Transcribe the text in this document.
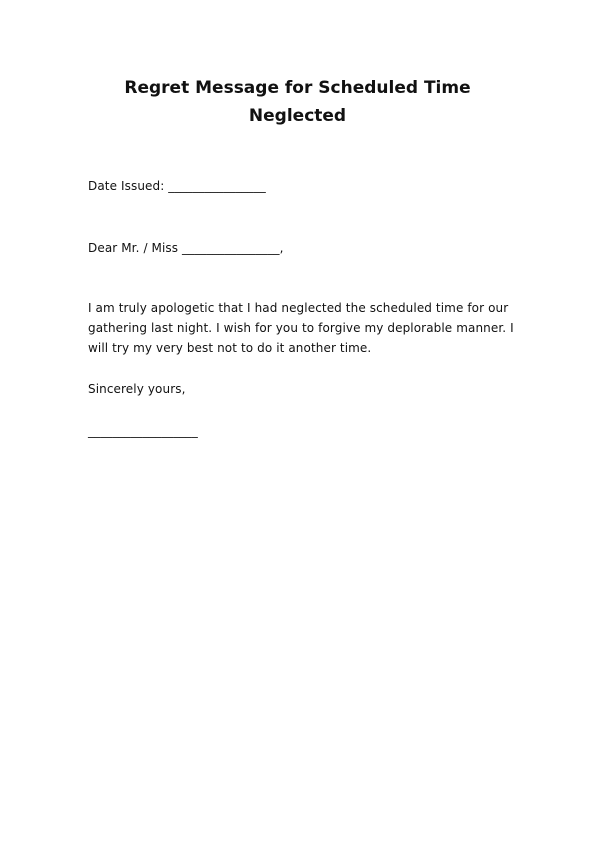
Regret Message for Scheduled Time
Neglected
Date Issued: ________________
Dear Mr. / Miss ________________,
I am truly apologetic that I had neglected the scheduled time for our
gathering last night. I wish for you to forgive my deplorable manner. I
will try my very best not to do it another time.
Sincerely yours,
__________________
